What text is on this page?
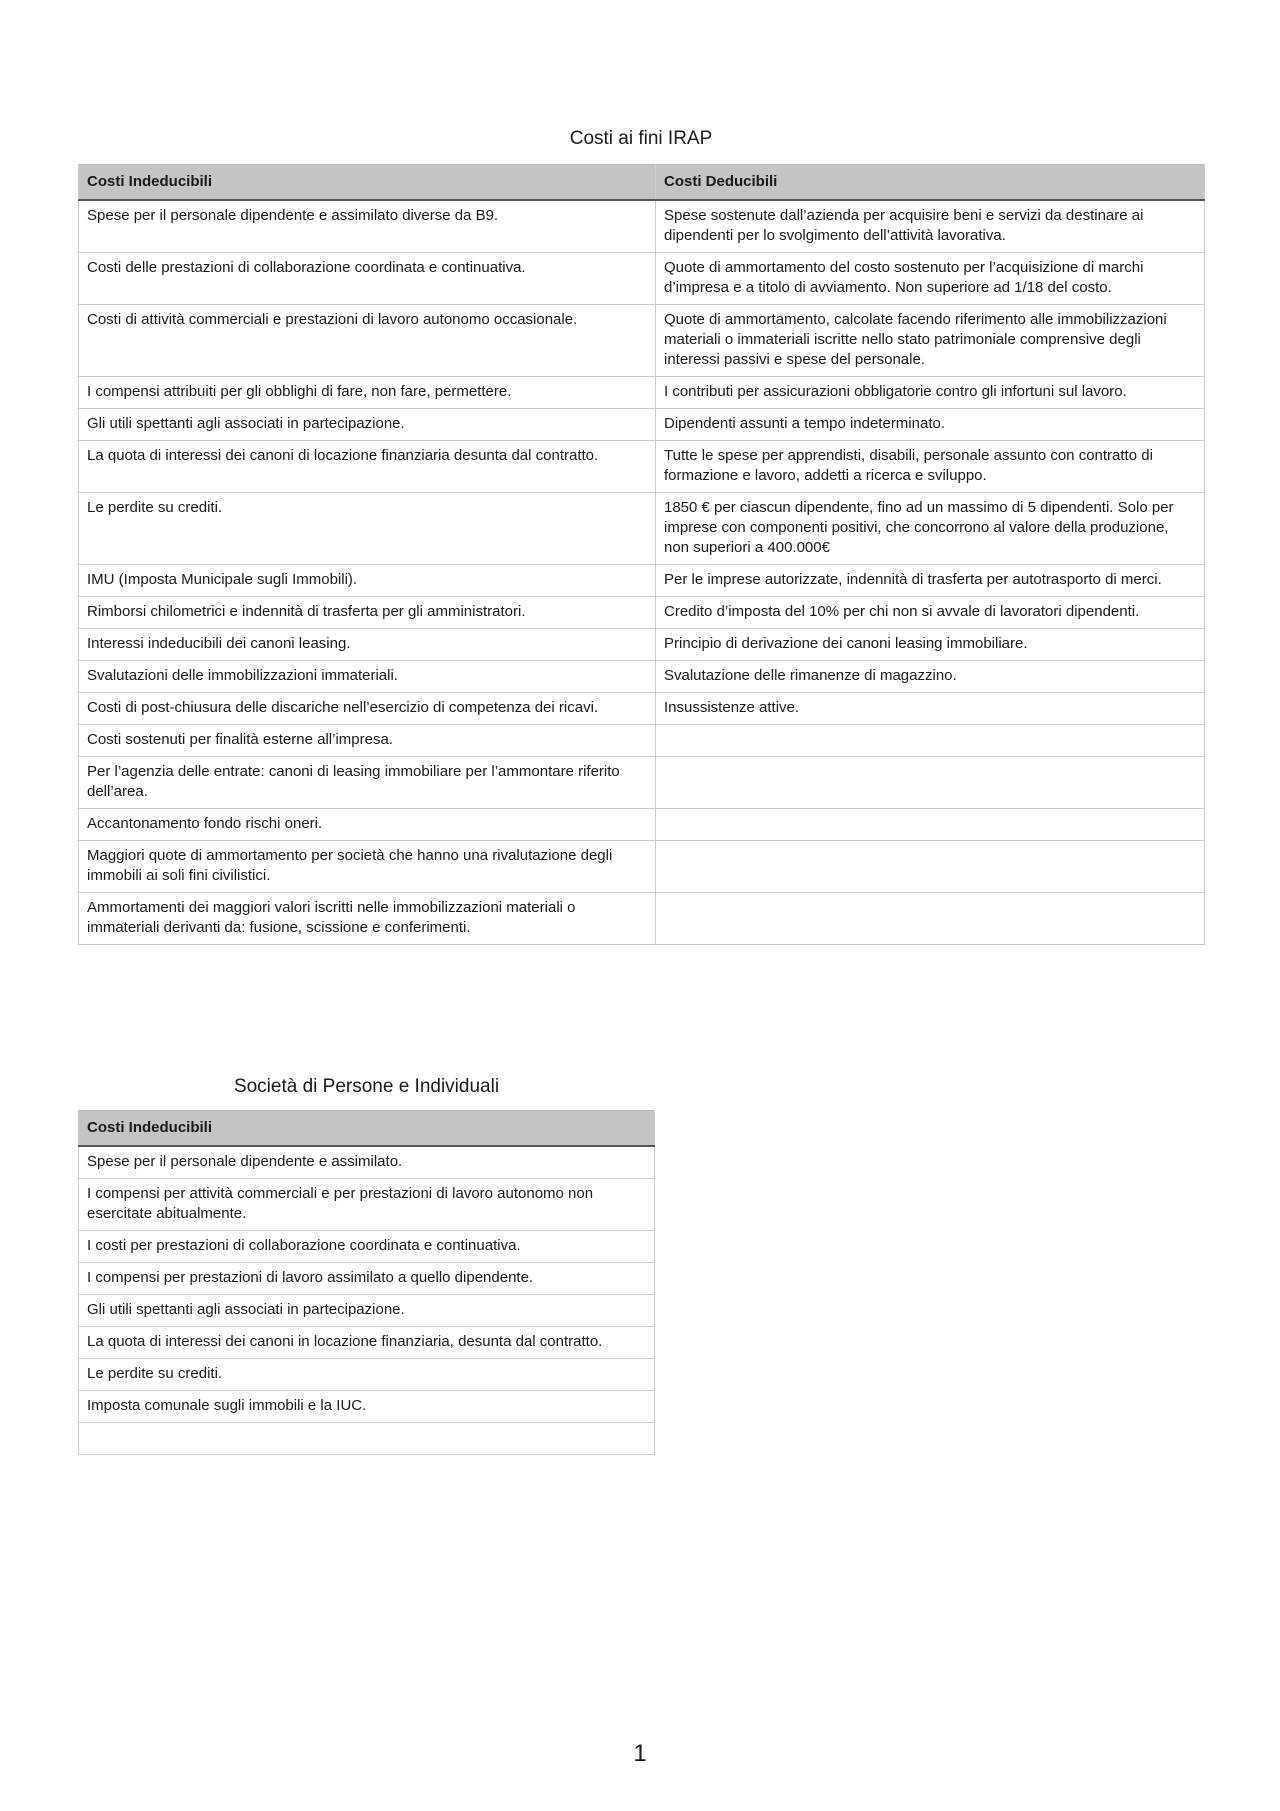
Costi ai fini IRAP
Costi Indeducibili	Costi Deducibili
Spese per il personale dipendente e assimilato diverse da B9.	Spese sostenute dall’azienda per acquisire beni e servizi da destinare ai dipendenti per lo svolgimento dell’attività lavorativa.
Costi delle prestazioni di collaborazione coordinata e continuativa.	Quote di ammortamento del costo sostenuto per l’acquisizione di marchi d’impresa e a titolo di avviamento. Non superiore ad 1/18 del costo.
Costi di attività commerciali e prestazioni di lavoro autonomo occasionale.	Quote di ammortamento, calcolate facendo riferimento alle immobilizzazioni materiali o immateriali iscritte nello stato patrimoniale comprensive degli interessi passivi e spese del personale.
I compensi attribuiti per gli obblighi di fare, non fare, permettere.	I contributi per assicurazioni obbligatorie contro gli infortuni sul lavoro.
Gli utili spettanti agli associati in partecipazione.	Dipendenti assunti a tempo indeterminato.
La quota di interessi dei canoni di locazione finanziaria desunta dal contratto.	Tutte le spese per apprendisti, disabili, personale assunto con contratto di formazione e lavoro, addetti a ricerca e sviluppo.
Le perdite su crediti.	1850 € per ciascun dipendente, fino ad un massimo di 5 dipendenti. Solo per imprese con componenti positivi, che concorrono al valore della produzione, non superiori a 400.000€
IMU (Imposta Municipale sugli Immobili).	Per le imprese autorizzate, indennità di trasferta per autotrasporto di merci.
Rimborsi chilometrici e indennità di trasferta per gli amministratori.	Credito d’imposta del 10% per chi non si avvale di lavoratori dipendenti.
Interessi indeducibili dei canoni leasing.	Principio di derivazione dei canoni leasing immobiliare.
Svalutazioni delle immobilizzazioni immateriali.	Svalutazione delle rimanenze di magazzino.
Costi di post-chiusura delle discariche nell’esercizio di competenza dei ricavi.	Insussistenze attive.
Costi sostenuti per finalità esterne all’impresa.	
Per l’agenzia delle entrate: canoni di leasing immobiliare per l’ammontare riferito dell’area.	
Accantonamento fondo rischi oneri.	
Maggiori quote di ammortamento per società che hanno una rivalutazione degli immobili ai soli fini civilistici.	
Ammortamenti dei maggiori valori iscritti nelle immobilizzazioni materiali o immateriali derivanti da: fusione, scissione e conferimenti.	
Società di Persone e Individuali
Costi Indeducibili
Spese per il personale dipendente e assimilato.
I compensi per attività commerciali e per prestazioni di lavoro autonomo non esercitate abitualmente.
I costi per prestazioni di collaborazione coordinata e continuativa.
I compensi per prestazioni di lavoro assimilato a quello dipendente.
Gli utili spettanti agli associati in partecipazione.
La quota di interessi dei canoni in locazione finanziaria, desunta dal contratto.
Le perdite su crediti.
Imposta comunale sugli immobili e la IUC.

1
